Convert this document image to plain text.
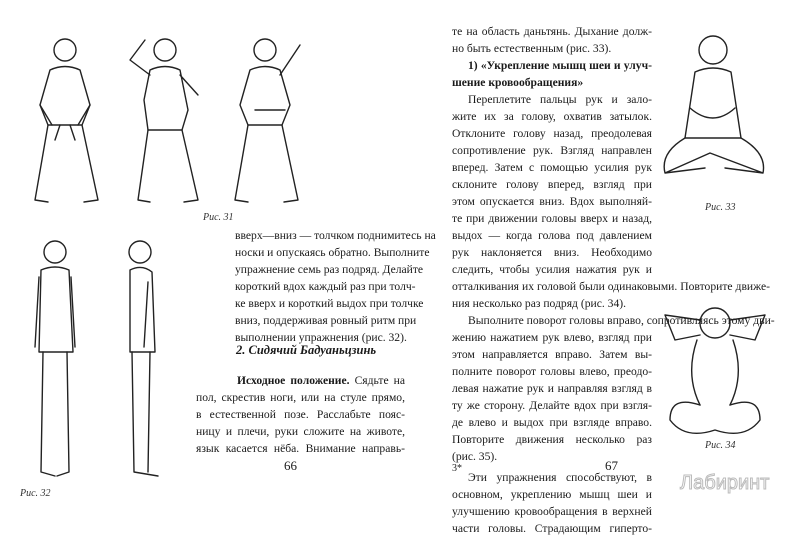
Рис. 31
Рис. 32
вверх—вниз — толчком поднимитесь на
носки и опускаясь обратно. Выполните
упражнение семь раз подряд. Делайте
короткий вдох каждый раз при толч-
ке вверх и короткий выдох при толчке
вниз, поддерживая ровный ритм при
выполнении упражнения (рис. 32).
2. Сидячий Бадуаньцзинь
Исходное положение. Сядьте на
пол, скрестив ноги, или на стуле прямо,
в естественной позе. Расслабьте пояс-
ницу и плечи, руки сложите на животе,
язык касается нёба. Внимание направь-
66
те на область даньтянь. Дыхание долж-
но быть естественным (рис. 33).
1) «Укрепление мышц шеи и улуч-
шение кровообращения»
Переплетите пальцы рук и зало-
жите их за голову, охватив затылок.
Отклоните голову назад, преодолевая
сопротивление рук. Взгляд направлен
вперед. Затем с помощью усилия рук
склоните голову вперед, взгляд при
этом опускается вниз. Вдох выполняй-
те при движении головы вверх и назад,
выдох — когда голова под давлением
рук наклоняется вниз. Необходимо
следить, чтобы усилия нажатия рук и
отталкивания их головой были одинаковыми. Повторите движе-
ния несколько раз подряд (рис. 34).
Выполните поворот головы вправо, сопротивляясь этому дви-
жению нажатием рук влево, взгляд при
этом направляется вправо. Затем вы-
полните поворот головы влево, преодо-
левая нажатие рук и направляя взгляд в
ту же сторону. Делайте вдох при взгля-
де влево и выдох при взгляде вправо.
Повторите движения несколько раз
(рис. 35).
Эти упражнения способствуют, в
основном, укреплению мышц шеи и
улучшению кровообращения в верхней
части головы. Страдающим гиперто-
Рис. 33
Рис. 34
3*	67
Лабиринт
